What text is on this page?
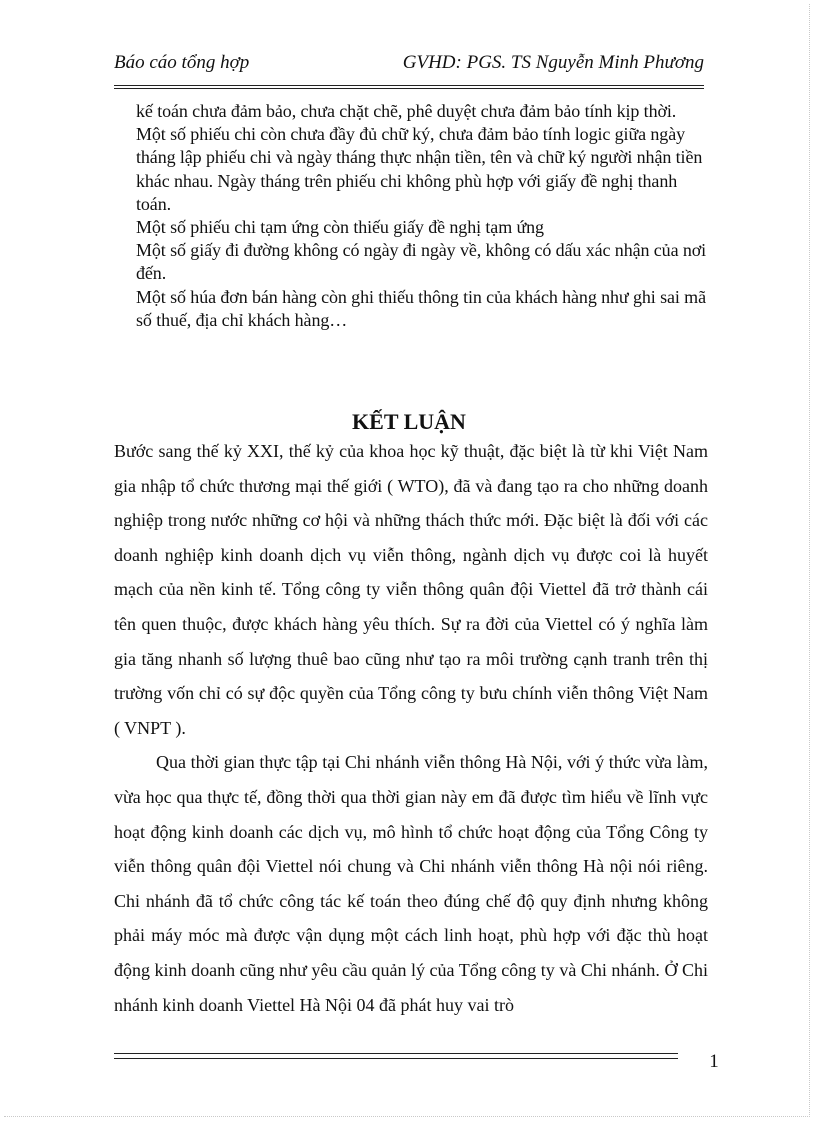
Báo cáo tổng hợp	GVHD: PGS. TS Nguyễn Minh Phương

kế toán chưa đảm bảo, chưa chặt chẽ, phê duyệt chưa đảm bảo tính kịp thời.

Một số phiếu chi còn chưa đầy đủ chữ ký, chưa đảm bảo tính logic giữa ngày tháng lập phiếu chi và ngày tháng thực nhận tiền, tên và chữ ký người nhận tiền khác nhau. Ngày tháng trên phiếu chi không phù hợp với giấy đề nghị thanh toán.

Một số phiếu chi tạm ứng còn thiếu giấy đề nghị tạm ứng

Một số giấy đi đường không có ngày đi ngày về, không có dấu xác nhận của nơi đến.

Một số húa đơn bán hàng còn ghi thiếu thông tin của khách hàng như ghi sai mã số thuế, địa chỉ khách hàng…

KẾT LUẬN

Bước sang thế kỷ XXI, thế kỷ của khoa học kỹ thuật, đặc biệt là từ khi Việt Nam gia nhập tổ chức thương mại thế giới ( WTO), đã và đang tạo ra cho những doanh nghiệp trong nước những cơ hội và những thách thức mới. Đặc biệt là đối với các doanh nghiệp kinh doanh dịch vụ viễn thông, ngành dịch vụ được coi là huyết mạch của nền kinh tế. Tổng công ty viễn thông quân đội Viettel đã trở thành cái tên quen thuộc, được khách hàng yêu thích. Sự ra đời của Viettel có ý nghĩa làm gia tăng nhanh số lượng thuê bao cũng như tạo ra môi trường cạnh tranh trên thị trường vốn chỉ có sự độc quyền của Tổng công ty bưu chính viễn thông Việt Nam ( VNPT ).

Qua thời gian thực tập tại Chi nhánh viễn thông Hà Nội, với ý thức vừa làm, vừa học qua thực tế, đồng thời qua thời gian này em đã được tìm hiểu về lĩnh vực hoạt động kinh doanh các dịch vụ, mô hình tổ chức hoạt động của Tổng Công ty viễn thông quân đội Viettel nói chung và Chi nhánh viễn thông Hà nội nói riêng. Chi nhánh đã tổ chức công tác kế toán theo đúng chế độ quy định nhưng không phải máy móc mà được vận dụng một cách linh hoạt, phù hợp với đặc thù hoạt động kinh doanh cũng như yêu cầu quản lý của Tổng công ty và Chi nhánh. Ở Chi nhánh kinh doanh Viettel Hà Nội 04 đã phát huy vai trò

1
